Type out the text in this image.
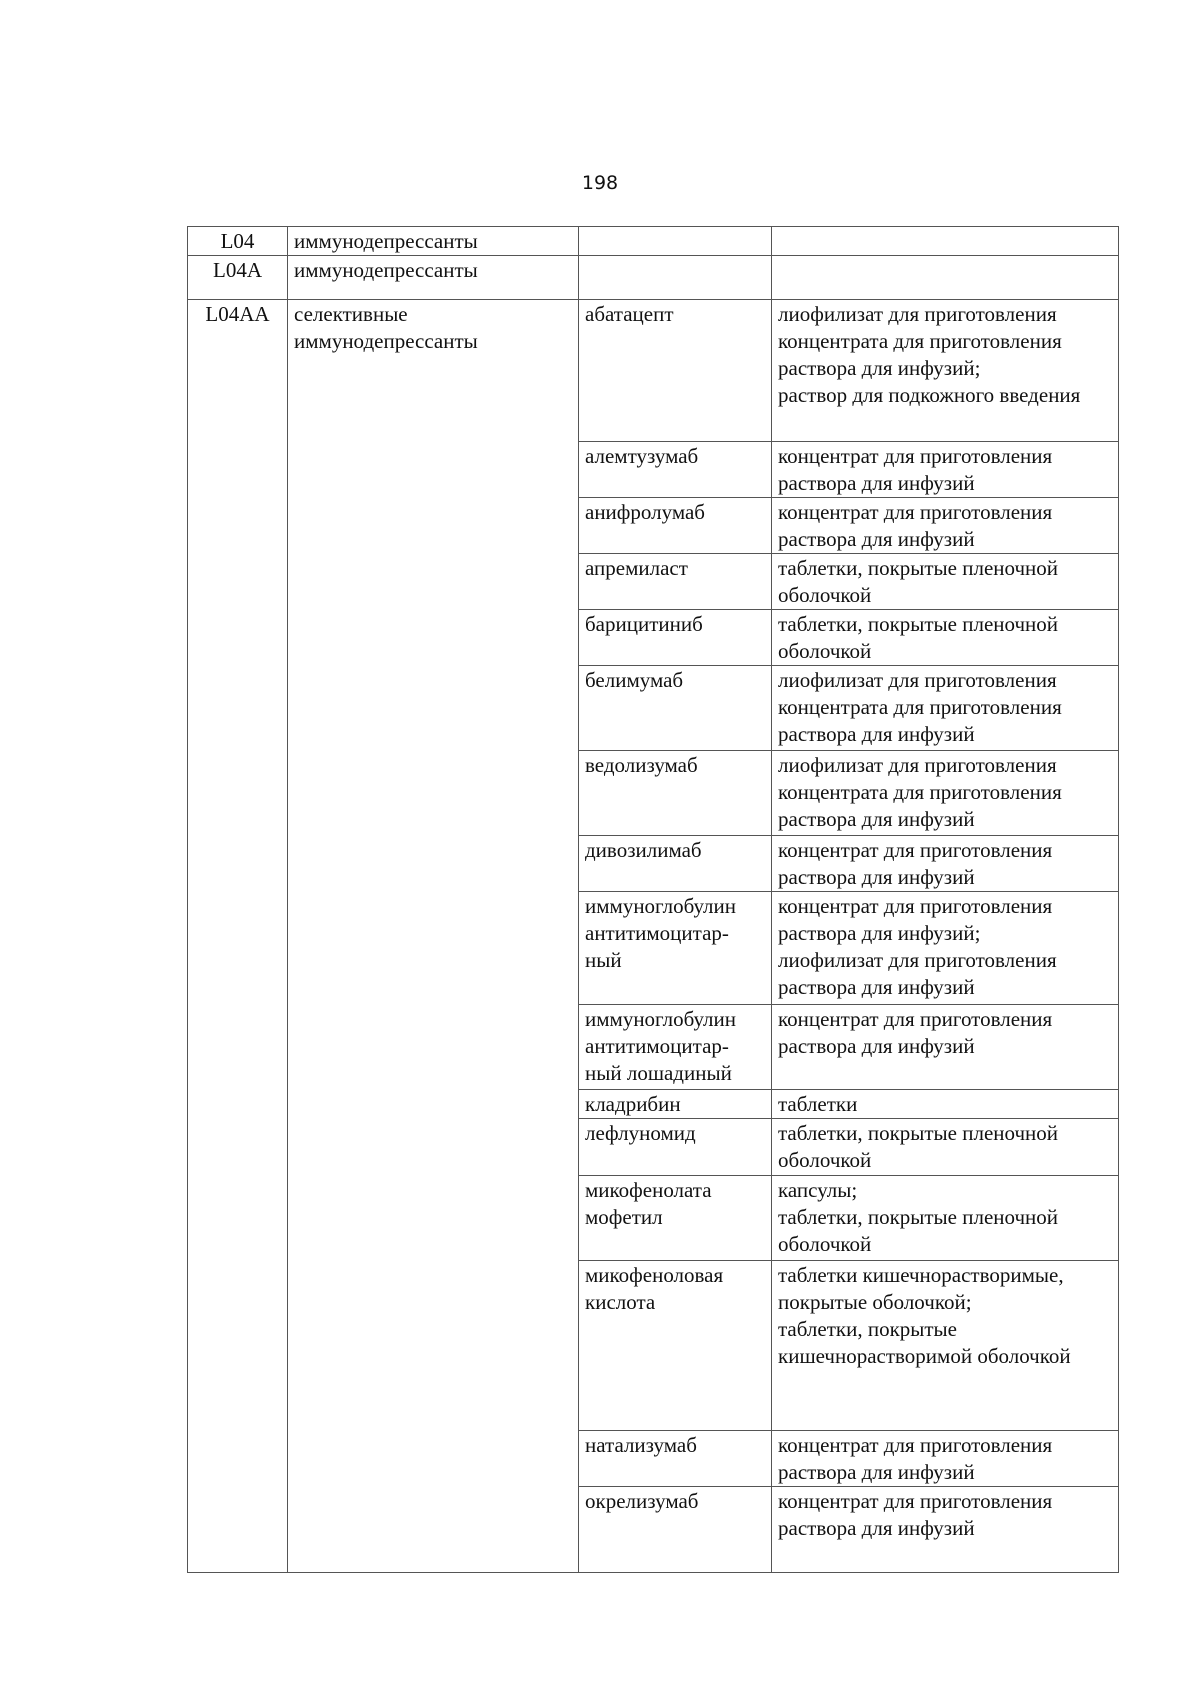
198
L04	иммунодепрессанты		
L04A	иммунодепрессанты		
L04AA	селективные
иммунодепрессанты	абатацепт	лиофилизат для приготовления концентрата для приготовления раствора для инфузий;
раствор для подкожного введения
		алемтузумаб	концентрат для приготовления раствора для инфузий
		анифролумаб	концентрат для приготовления раствора для инфузий
		апремиласт	таблетки, покрытые пленочной оболочкой
		барицитиниб	таблетки, покрытые пленочной оболочкой
		белимумаб	лиофилизат для приготовления концентрата для приготовления раствора для инфузий
		ведолизумаб	лиофилизат для приготовления концентрата для приготовления раствора для инфузий
		дивозилимаб	концентрат для приготовления раствора для инфузий
		иммуноглобулин антитимоцитар-
ный	концентрат для приготовления раствора для инфузий;
лиофилизат для приготовления раствора для инфузий
		иммуноглобулин антитимоцитар-
ный лошадиный	концентрат для приготовления раствора для инфузий
		кладрибин	таблетки
		лефлуномид	таблетки, покрытые пленочной оболочкой
		микофенолата мофетил	капсулы;
таблетки, покрытые пленочной оболочкой
		микофеноловая кислота	таблетки кишечнорастворимые, покрытые оболочкой;
таблетки, покрытые кишечнорастворимой оболочкой
		натализумаб	концентрат для приготовления раствора для инфузий
		окрелизумаб	концентрат для приготовления раствора для инфузий
